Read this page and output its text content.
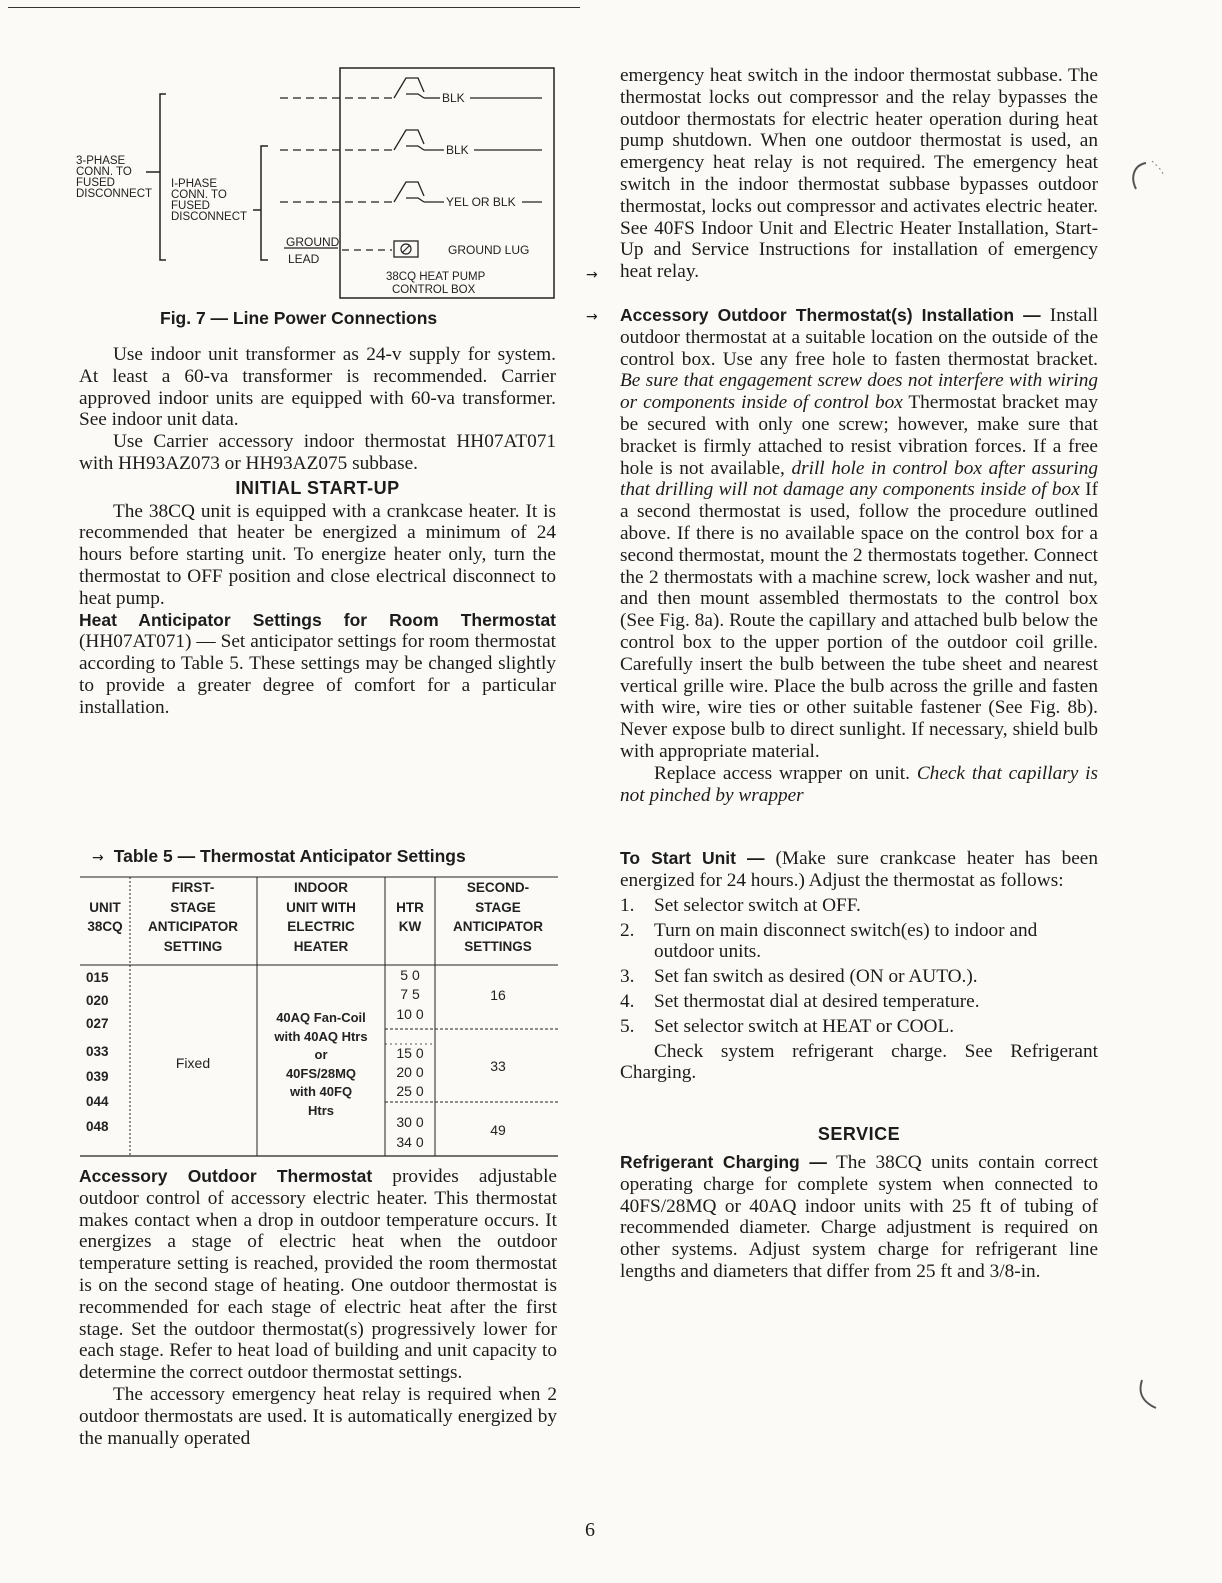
BLK
BLK
YEL OR BLK
GROUND LUG
GROUND
LEAD
3-PHASE
CONN. TO
FUSED
DISCONNECT
I-PHASE
CONN. TO
FUSED
DISCONNECT
38CQ HEAT PUMP
CONTROL BOX
Fig. 7 — Line Power Connections

Use indoor unit transformer as 24-v supply for system. At least a 60-va transformer is recommended. Carrier approved indoor units are equipped with 60-va transformer. See indoor unit data.

Use Carrier accessory indoor thermostat HH07AT071 with HH93AZ073 or HH93AZ075 subbase.

INITIAL START-UP

The 38CQ unit is equipped with a crankcase heater. It is recommended that heater be energized a minimum of 24 hours before starting unit. To energize heater only, turn the thermostat to OFF position and close electrical disconnect to heat pump.

Heat Anticipator Settings for Room Thermostat (HH07AT071) — Set anticipator settings for room thermostat according to Table 5. These settings may be changed slightly to provide a greater degree of comfort for a particular installation.

→ Table 5 — Thermostat Anticipator Settings
UNIT
38CQ
FIRST-
STAGE
ANTICIPATOR
SETTING
INDOOR
UNIT WITH
ELECTRIC
HEATER
HTR
KW
SECOND-
STAGE
ANTICIPATOR
SETTINGS
015
020
027
033
039
044
048
Fixed
40AQ Fan-Coil
with 40AQ Htrs
or
40FS/28MQ
with 40FQ
Htrs
5 0
7 5
10 0
15 0
20 0
25 0
30 0
34 0
16
33
49

Accessory Outdoor Thermostat provides adjustable outdoor control of accessory electric heater. This thermostat makes contact when a drop in outdoor temperature occurs. It energizes a stage of electric heat when the outdoor temperature setting is reached, provided the room thermostat is on the second stage of heating. One outdoor thermostat is recommended for each stage of electric heat after the first stage. Set the outdoor thermostat(s) progressively lower for each stage. Refer to heat load of building and unit capacity to determine the correct outdoor thermostat settings.

The accessory emergency heat relay is required when 2 outdoor thermostats are used. It is automatically energized by the manually operated

→

emergency heat switch in the indoor thermostat subbase. The thermostat locks out compressor and the relay bypasses the outdoor thermostats for electric heater operation during heat pump shutdown. When one outdoor thermostat is used, an emergency heat relay is not required. The emergency heat switch in the indoor thermostat subbase bypasses outdoor thermostat, locks out compressor and activates electric heater. See 40FS Indoor Unit and Electric Heater Installation, Start-Up and Service Instructions for installation of emergency heat relay.

→ Accessory Outdoor Thermostat(s) Installation — Install outdoor thermostat at a suitable location on the outside of the control box. Use any free hole to fasten thermostat bracket. Be sure that engagement screw does not interfere with wiring or components inside of control box Thermostat bracket may be secured with only one screw; however, make sure that bracket is firmly attached to resist vibration forces. If a free hole is not available, drill hole in control box after assuring that drilling will not damage any components inside of box If a second thermostat is used, follow the procedure outlined above. If there is no available space on the control box for a second thermostat, mount the 2 thermostats together. Connect the 2 thermostats with a machine screw, lock washer and nut, and then mount assembled thermostats to the control box (See Fig. 8a). Route the capillary and attached bulb below the control box to the upper portion of the outdoor coil grille. Carefully insert the bulb between the tube sheet and nearest vertical grille wire. Place the bulb across the grille and fasten with wire, wire ties or other suitable fastener (See Fig. 8b). Never expose bulb to direct sunlight. If necessary, shield bulb with appropriate material.

Replace access wrapper on unit. Check that capillary is not pinched by wrapper

To Start Unit — (Make sure crankcase heater has been energized for 24 hours.) Adjust the thermostat as follows:

1. Set selector switch at OFF.
2. Turn on main disconnect switch(es) to indoor and outdoor units.
3. Set fan switch as desired (ON or AUTO.).
4. Set thermostat dial at desired temperature.
5. Set selector switch at HEAT or COOL.

Check system refrigerant charge. See Refrigerant Charging.

SERVICE

Refrigerant Charging — The 38CQ units contain correct operating charge for complete system when connected to 40FS/28MQ or 40AQ indoor units with 25 ft of tubing of recommended diameter. Charge adjustment is required on other systems. Adjust system charge for refrigerant line lengths and diameters that differ from 25 ft and 3/8-in.

6
